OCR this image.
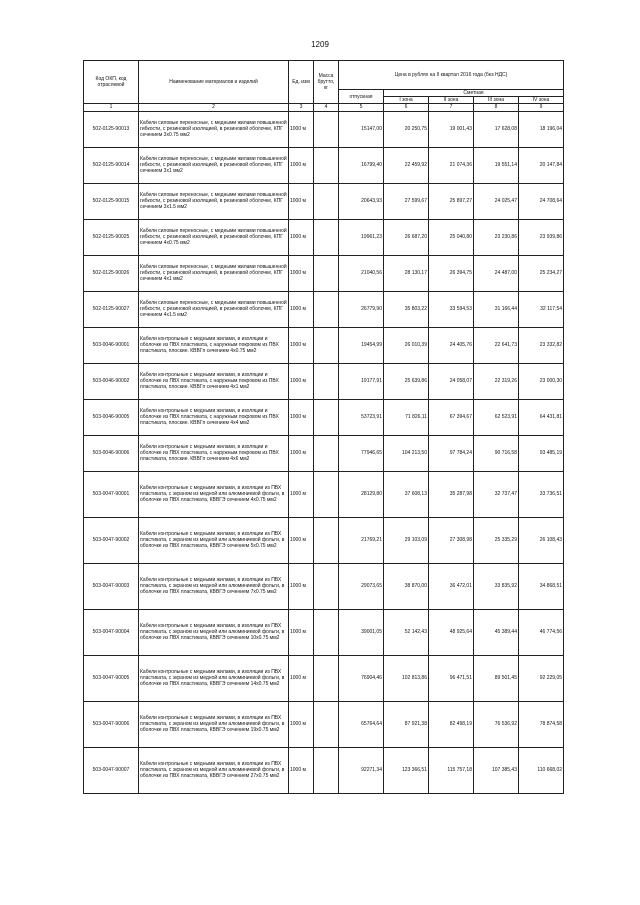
1209
Код ОКП, код отраслевой	Наименование материалов и изделий	Ед. изм	Масса брутто, кг	Цена в рублях на II квартал 2016 года (без НДС)				
				отпускная	Сметная			
					I зона	II зона	III зона	IV зона
1	2	3	4	5	6	7	8	9
502-0125-90013	Кабели силовые переносные, с медными жилами повышенной гибкости, с резиновой изоляцией, в резиновой оболочке, КПГ сечением 3х0.75 мм2	1000 м		15147,00	20 250,75	19 001,43	17 628,08	18 196,04
502-0125-90014	Кабели силовые переносные, с медными жилами повышенной гибкости, с резиновой изоляцией, в резиновой оболочке, КПГ сечением 3х1 мм2	1000 м		16799,40	22 459,92	21 074,36	19 551,14	20 147,84
502-0125-90015	Кабели силовые переносные, с медными жилами повышенной гибкости, с резиновой изоляцией, в резиновой оболочке, КПГ сечением 3х1.5 мм2	1000 м		20643,93	27 599,67	25 897,27	24 025,47	24 708,64
502-0125-90025	Кабели силовые переносные, с медными жилами повышенной гибкости, с резиновой изоляцией, в резиновой оболочке, КПГ сечением 4х0.75 мм2	1000 м		19961,23	26 687,20	25 040,80	23 230,86	23 939,86
502-0125-90026	Кабели силовые переносные, с медными жилами повышенной гибкости, с резиновой изоляцией, в резиновой оболочке, КПГ сечением 4х1 мм2	1000 м		21040,56	28 130,17	26 394,75	24 487,00	25 234,27
502-0125-90027	Кабели силовые переносные, с медными жилами повышенной гибкости, с резиновой изоляцией, в резиновой оболочке, КПГ сечением 4х1.5 мм2	1000 м		26779,90	35 803,22	33 594,53	31 166,44	32 117,54
503-0046-90001	Кабели контрольные с медными жилами, в изоляции и оболочке из ПВХ пластиката, с наружным покровом из ПВХ пластиката, плоские. КВВГп сечением 4х0.75 мм2	1000 м		19454,99	26 010,39	24 405,76	22 641,73	23 332,82
503-0046-90002	Кабели контрольные с медными жилами, в изоляции и оболочке из ПВХ пластиката, с наружным покровом из ПВХ пластиката, плоские. КВВГп сечением 4х1 мм2	1000 м		19177,91	25 639,86	24 058,07	22 319,26	23 000,30
503-0046-90005	Кабели контрольные с медными жилами, в изоляции и оболочке из ПВХ пластиката, с наружным покровом из ПВХ пластиката, плоские. КВВГп сечением 4х4 мм2	1000 м		53723,91	71 826,11	67 394,67	62 523,91	64 431,81
503-0046-90006	Кабели контрольные с медными жилами, в изоляции и оболочке из ПВХ пластиката, с наружным покровом из ПВХ пластиката, плоские. КВВГп сечением 4х6 мм2	1000 м		77946,65	104 213,50	97 784,24	90 716,58	93 485,19
503-0047-90001	Кабели контрольные с медными жилами, в изоляции из ПВХ пластиката, с экраном из медной или алюминиевой фольги, в оболочке из ПВХ пластиката, КВВГЭ сечением 4х0.75 мм2	1000 м		28129,80	37 608,13	35 287,98	32 737,47	33 736,51
503-0047-90002	Кабели контрольные с медными жилами, в изоляции из ПВХ пластиката, с экраном из медной или алюминиевой фольги, в оболочке из ПВХ пластиката, КВВГЭ сечением 5х0.75 мм2	1000 м		21769,21	29 103,09	27 308,98	25 335,29	26 108,43
503-0047-90003	Кабели контрольные с медными жилами, в изоляции из ПВХ пластиката, с экраном из медной или алюминиевой фольги, в оболочке из ПВХ пластиката, КВВГЭ сечением 7х0.75 мм2	1000 м		29073,65	38 870,00	36 472,01	33 835,92	34 868,51
503-0047-90004	Кабели контрольные с медными жилами, в изоляции из ПВХ пластиката, с экраном из медной или алюминиевой фольги, в оболочке из ПВХ пластиката, КВВГЭ сечением 10х0.75 мм2	1000 м		39001,05	52 142,43	48 925,64	45 389,44	46 774,56
503-0047-90005	Кабели контрольные с медными жилами, в изоляции из ПВХ пластиката, с экраном из медной или алюминиевой фольги, в оболочке из ПВХ пластиката, КВВГЭ сечением 14х0.75 мм2	1000 м		76904,46	102 813,86	96 471,51	89 501,45	92 229,05
503-0047-90006	Кабели контрольные с медными жилами, в изоляции из ПВХ пластиката, с экраном из медной или алюминиевой фольги, в оболочке из ПВХ пластиката, КВВГЭ сечением 19х0.75 мм2	1000 м		65764,64	87 921,38	82 498,19	76 536,92	78 874,58
503-0047-90007	Кабели контрольные с медными жилами, в изоляции из ПВХ пластиката, с экраном из медной или алюминиевой фольги, в оболочке из ПВХ пластиката, КВВГЭ сечением 27х0.75 мм2	1000 м		92271,34	123 366,51	115 757,18	107 385,43	110 668,02
